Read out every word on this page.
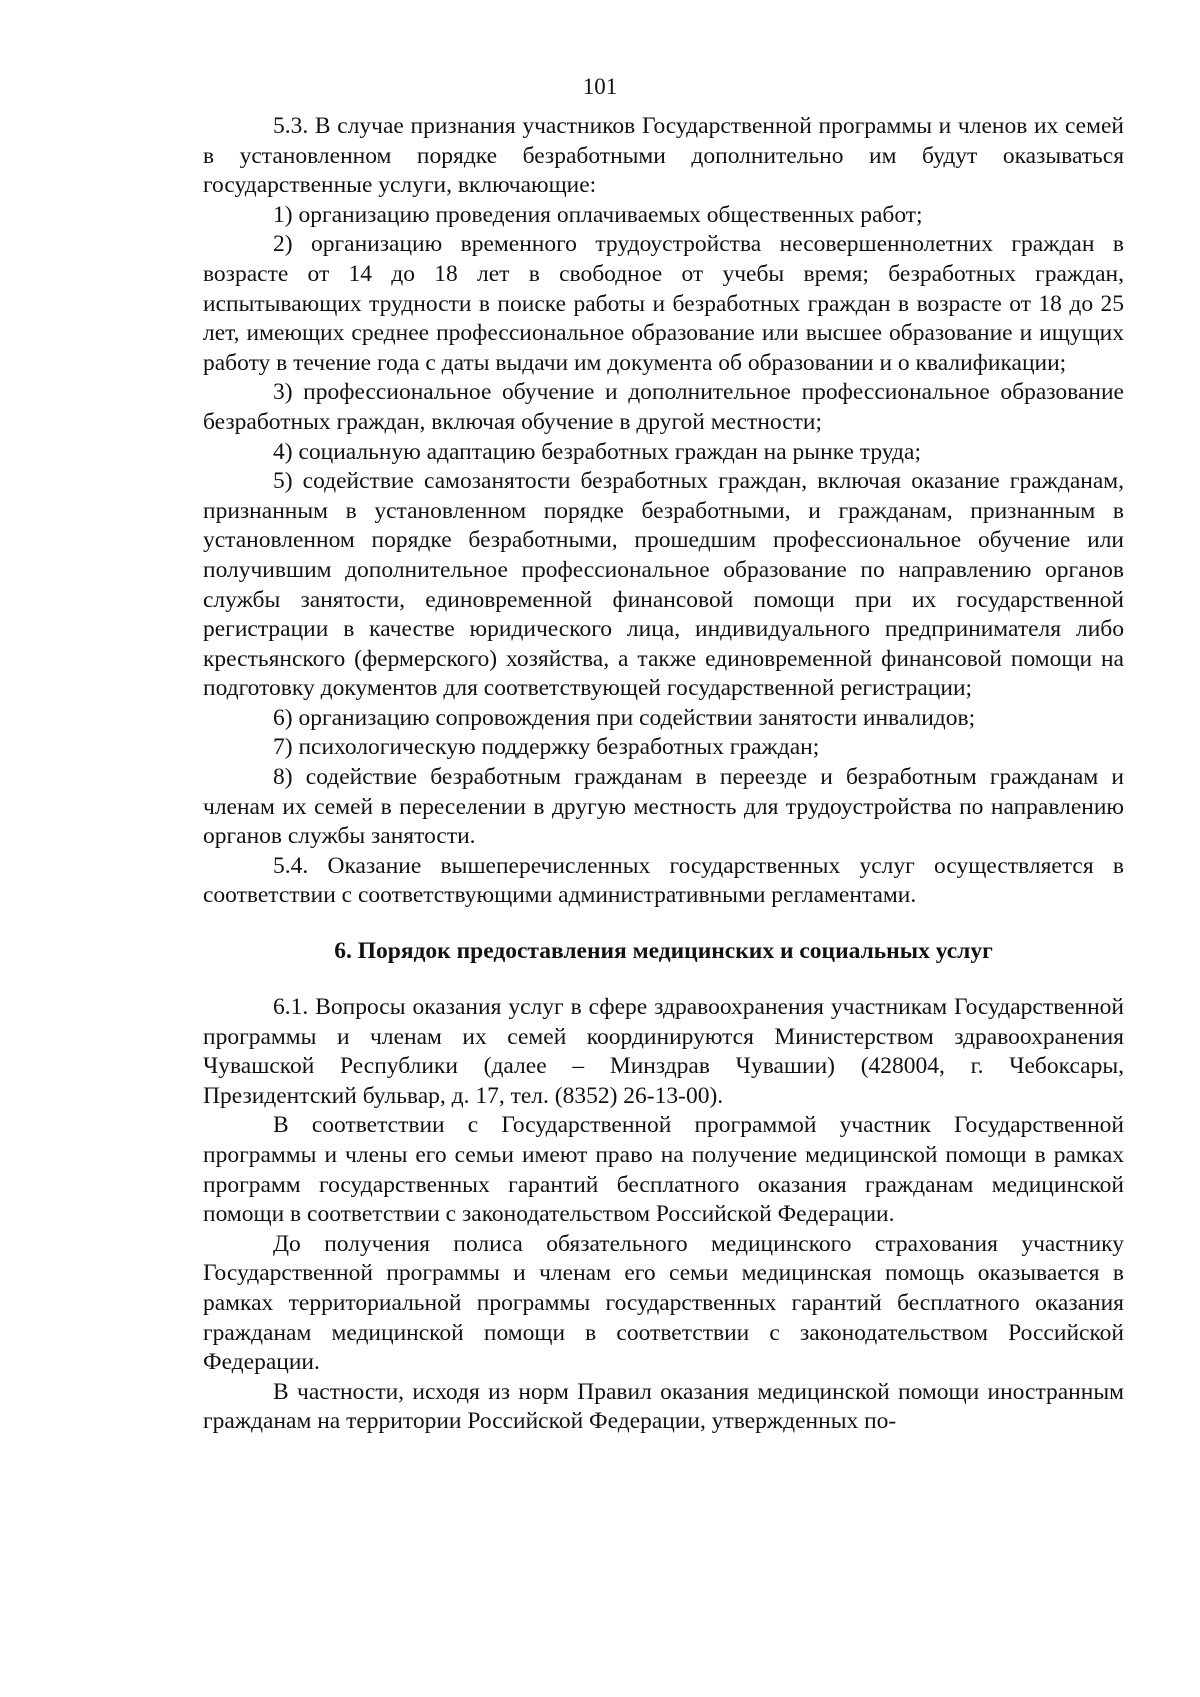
101

5.3. В случае признания участников Государственной программы и членов их семей в установленном порядке безработными дополнительно им будут оказываться государственные услуги, включающие:

1) организацию проведения оплачиваемых общественных работ;

2) организацию временного трудоустройства несовершеннолетних граждан в возрасте от 14 до 18 лет в свободное от учебы время; безработных граждан, испытывающих трудности в поиске работы и безработных граждан в возрасте от 18 до 25 лет, имеющих среднее профессиональное образование или высшее образование и ищущих работу в течение года с даты выдачи им документа об образовании и о квалификации;

3) профессиональное обучение и дополнительное профессиональное образование безработных граждан, включая обучение в другой местности;

4) социальную адаптацию безработных граждан на рынке труда;

5) содействие самозанятости безработных граждан, включая оказание гражданам, признанным в установленном порядке безработными, и гражданам, признанным в установленном порядке безработными, прошедшим профессиональное обучение или получившим дополнительное профессиональное образование по направлению органов службы занятости, единовременной финансовой помощи при их государственной регистрации в качестве юридического лица, индивидуального предпринимателя либо крестьянского (фермерского) хозяйства, а также единовременной финансовой помощи на подготовку документов для соответствующей государственной регистрации;

6) организацию сопровождения при содействии занятости инвалидов;

7) психологическую поддержку безработных граждан;

8) содействие безработным гражданам в переезде и безработным гражданам и членам их семей в переселении в другую местность для трудоустройства по направлению органов службы занятости.

5.4. Оказание вышеперечисленных государственных услуг осуществляется в соответствии с соответствующими административными регламентами.

6. Порядок предоставления медицинских и социальных услуг

6.1. Вопросы оказания услуг в сфере здравоохранения участникам Государственной программы и членам их семей координируются Министерством здравоохранения Чувашской Республики (далее – Минздрав Чувашии) (428004, г. Чебоксары, Президентский бульвар, д. 17, тел. (8352) 26-13-00).

В соответствии с Государственной программой участник Государственной программы и члены его семьи имеют право на получение медицинской помощи в рамках программ государственных гарантий бесплатного оказания гражданам медицинской помощи в соответствии с законодательством Российской Федерации.

До получения полиса обязательного медицинского страхования участнику Государственной программы и членам его семьи медицинская помощь оказывается в рамках территориальной программы государственных гарантий бесплатного оказания гражданам медицинской помощи в соответствии с законодательством Российской Федерации.

В частности, исходя из норм Правил оказания медицинской помощи иностранным гражданам на территории Российской Федерации, утвержденных по-
